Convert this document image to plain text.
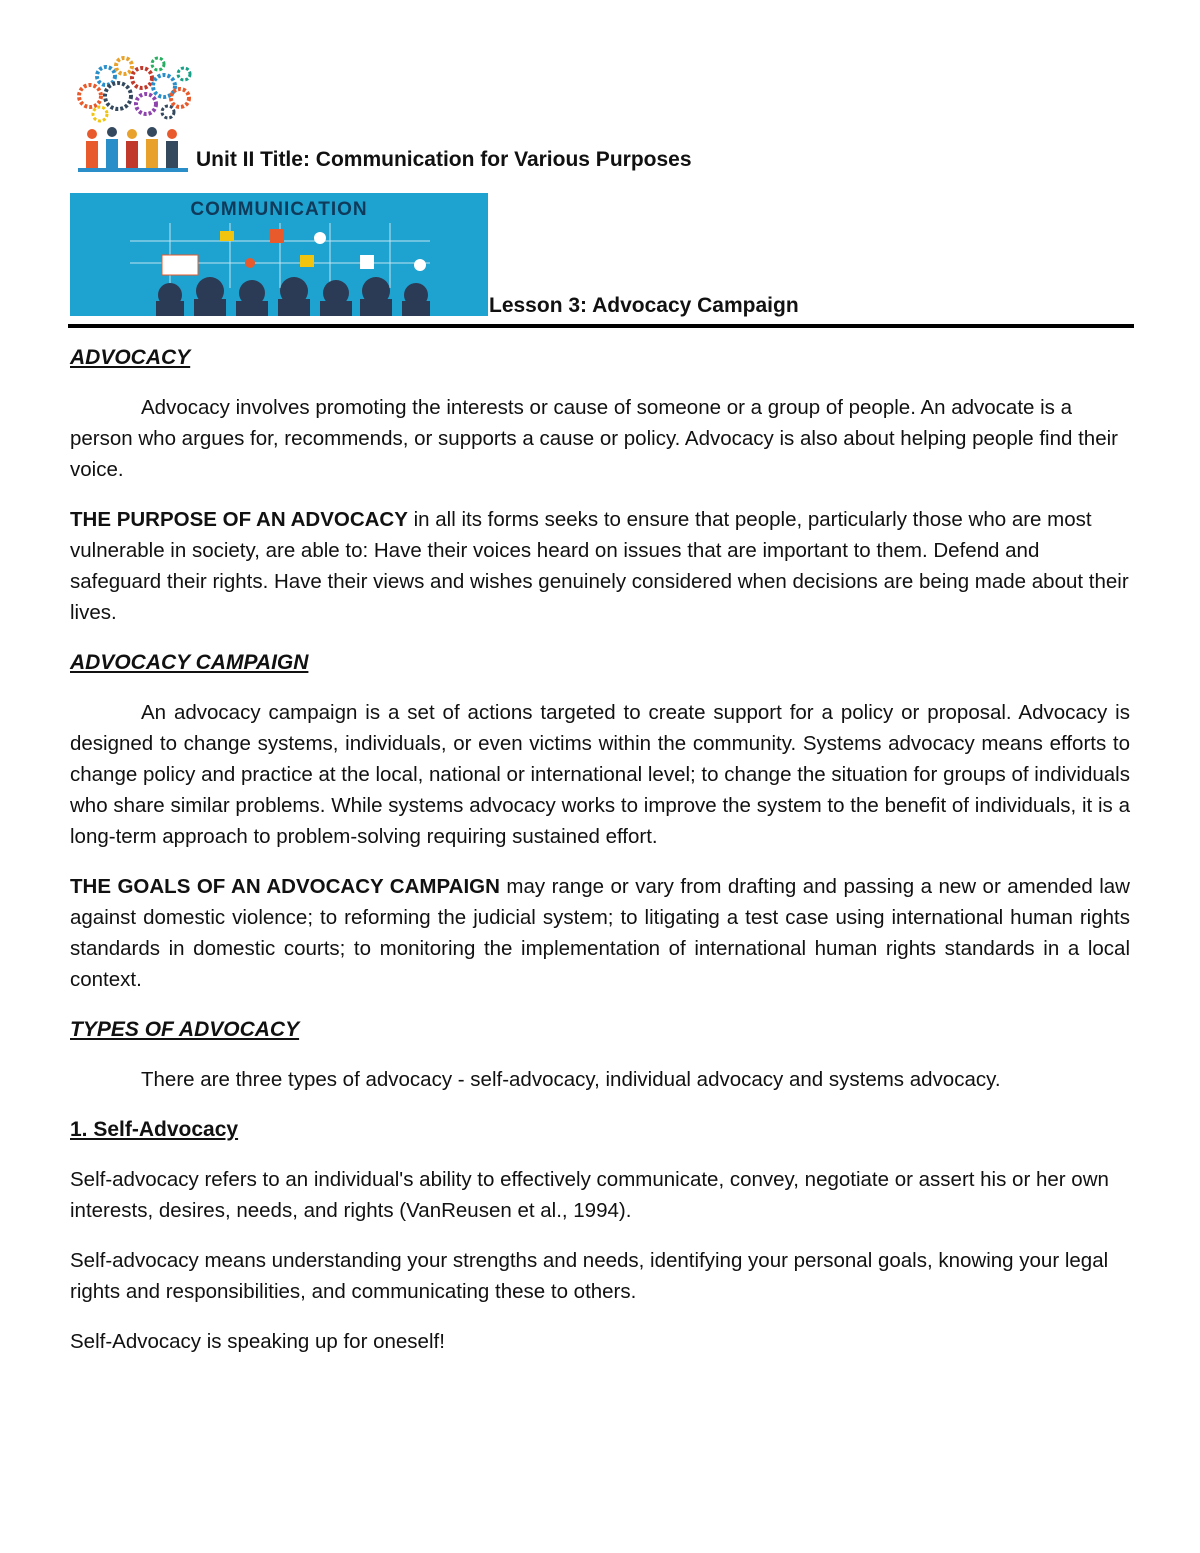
Unit II Title: Communication for Various Purposes
COMMUNICATION
Lesson 3: Advocacy Campaign
ADVOCACY

Advocacy involves promoting the interests or cause of someone or a group of people. An advocate is a person who argues for, recommends, or supports a cause or policy. Advocacy is also about helping people find their voice.

THE PURPOSE OF AN ADVOCACY in all its forms seeks to ensure that people, particularly those who are most vulnerable in society, are able to: Have their voices heard on issues that are important to them. Defend and safeguard their rights. Have their views and wishes genuinely considered when decisions are being made about their lives.

ADVOCACY CAMPAIGN

An advocacy campaign is a set of actions targeted to create support for a policy or proposal. Advocacy is designed to change systems, individuals, or even victims within the community. Systems advocacy means efforts to change policy and practice at the local, national or international level; to change the situation for groups of individuals who share similar problems. While systems advocacy works to improve the system to the benefit of individuals, it is a long-term approach to problem-solving requiring sustained effort.

THE GOALS OF AN ADVOCACY CAMPAIGN may range or vary from drafting and passing a new or amended law against domestic violence; to reforming the judicial system; to litigating a test case using international human rights standards in domestic courts; to monitoring the implementation of international human rights standards in a local context.

TYPES OF ADVOCACY

There are three types of advocacy - self-advocacy, individual advocacy and systems advocacy.

1. Self-Advocacy

Self-advocacy refers to an individual's ability to effectively communicate, convey, negotiate or assert his or her own interests, desires, needs, and rights (VanReusen et al., 1994).

Self-advocacy means understanding your strengths and needs, identifying your personal goals, knowing your legal rights and responsibilities, and communicating these to others.

Self-Advocacy is speaking up for oneself!
